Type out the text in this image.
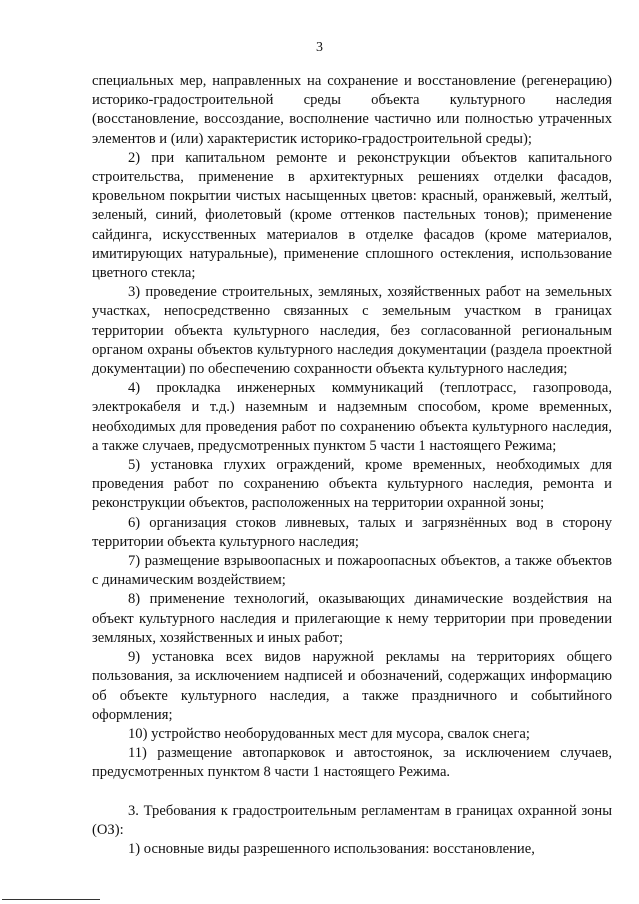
3

специальных мер, направленных на сохранение и восстановление (регенерацию) историко-градостроительной среды объекта культурного наследия (восстановление, воссоздание, восполнение частично или полностью утраченных элементов и (или) характеристик историко-градостроительной среды);

2) при капитальном ремонте и реконструкции объектов капитального строительства, применение в архитектурных решениях отделки фасадов, кровельном покрытии чистых насыщенных цветов: красный, оранжевый, желтый, зеленый, синий, фиолетовый (кроме оттенков пастельных тонов); применение сайдинга, искусственных материалов в отделке фасадов (кроме материалов, имитирующих натуральные), применение сплошного остекления, использование цветного стекла;

3) проведение строительных, земляных, хозяйственных работ на земельных участках, непосредственно связанных с земельным участком в границах территории объекта культурного наследия, без согласованной региональным органом охраны объектов культурного наследия документации (раздела проектной документации) по обеспечению сохранности объекта культурного наследия;

4) прокладка инженерных коммуникаций (теплотрасс, газопровода, электрокабеля и т.д.) наземным и надземным способом, кроме временных, необходимых для проведения работ по сохранению объекта культурного наследия, а также случаев, предусмотренных пунктом 5 части 1 настоящего Режима;

5) установка глухих ограждений, кроме временных, необходимых для проведения работ по сохранению объекта культурного наследия, ремонта и реконструкции объектов, расположенных на территории охранной зоны;

6) организация стоков ливневых, талых и загрязнённых вод в сторону территории объекта культурного наследия;

7) размещение взрывоопасных и пожароопасных объектов, а также объектов с динамическим воздействием;

8) применение технологий, оказывающих динамические воздействия на объект культурного наследия и прилегающие к нему территории при проведении земляных, хозяйственных и иных работ;

9) установка всех видов наружной рекламы на территориях общего пользования, за исключением надписей и обозначений, содержащих информацию об объекте культурного наследия, а также праздничного и событийного оформления;

10) устройство необорудованных мест для мусора, свалок снега;

11) размещение автопарковок и автостоянок, за исключением случаев, предусмотренных пунктом 8 части 1 настоящего Режима.

3. Требования к градостроительным регламентам в границах охранной зоны (ОЗ):

1) основные виды разрешенного использования: восстановление,
